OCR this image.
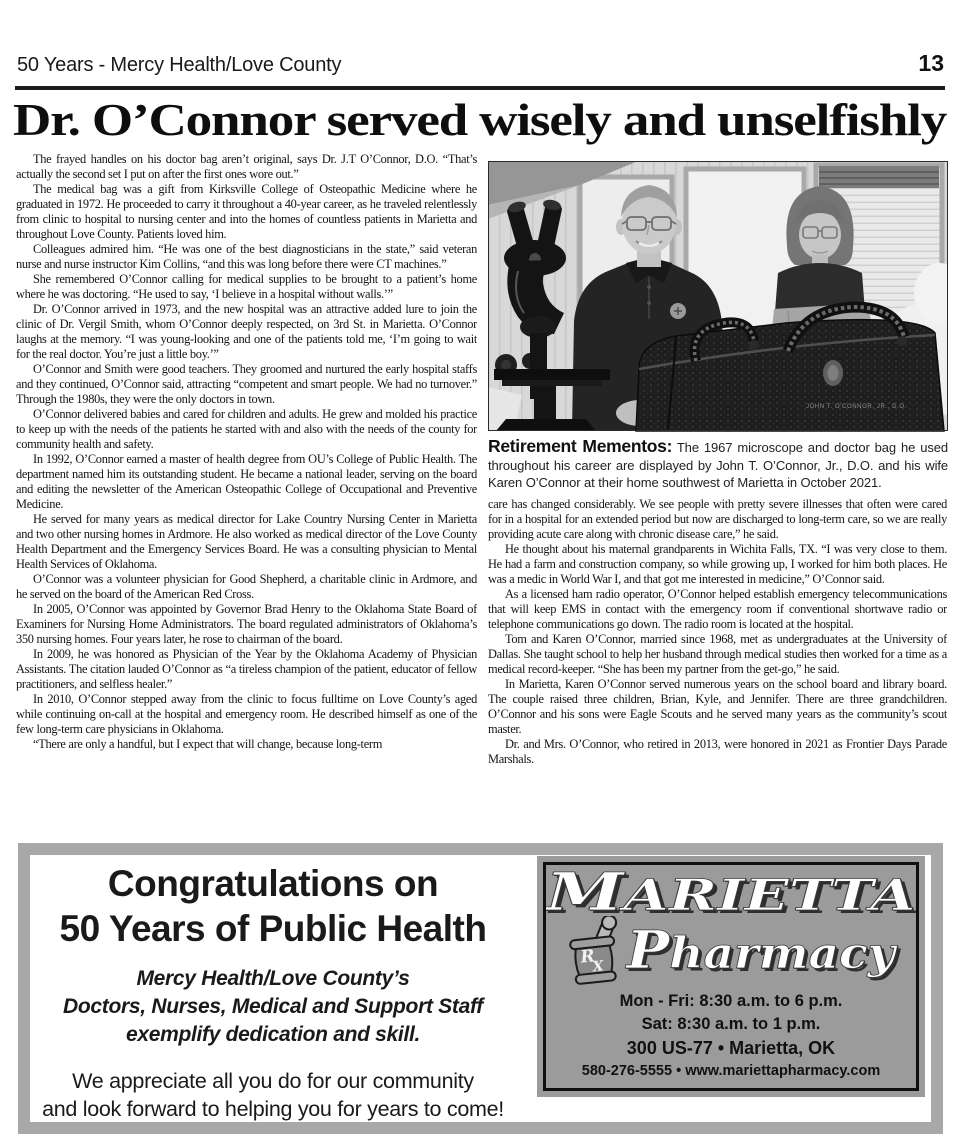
50 Years - Mercy Health/Love County	13
Dr. O’Connor served wisely and unselfishly

The frayed handles on his doctor bag aren’t original, says Dr. J.T O’Connor, D.O. “That’s actually the second set I put on after the first ones wore out.”

The medical bag was a gift from Kirksville College of Osteopathic Medicine where he graduated in 1972. He proceeded to carry it throughout a 40-year career, as he traveled relentlessly from clinic to hospital to nursing center and into the homes of countless patients in Marietta and throughout Love County. Patients loved him.

Colleagues admired him. “He was one of the best diagnosticians in the state,” said veteran nurse and nurse instructor Kim Collins, “and this was long before there were CT machines.”

She remembered O’Connor calling for medical supplies to be brought to a patient’s home where he was doctoring. “He used to say, ‘I believe in a hospital without walls.’”

Dr. O’Connor arrived in 1973, and the new hospital was an attractive added lure to join the clinic of Dr. Vergil Smith, whom O’Connor deeply respected, on 3rd St. in Marietta. O’Connor laughs at the memory. “I was young-looking and one of the patients told me, ‘I’m going to wait for the real doctor. You’re just a little boy.’”

O’Connor and Smith were good teachers. They groomed and nurtured the early hospital staffs and they continued, O’Connor said, attracting “competent and smart people. We had no turnover.” Through the 1980s, they were the only doctors in town.

O’Connor delivered babies and cared for children and adults. He grew and molded his practice to keep up with the needs of the patients he started with and also with the needs of the county for community health and safety.

In 1992, O’Connor earned a master of health degree from OU’s College of Public Health. The department named him its outstanding student. He became a national leader, serving on the board and editing the newsletter of the American Osteopathic College of Occupational and Preventive Medicine.

He served for many years as medical director for Lake Country Nursing Center in Marietta and two other nursing homes in Ardmore. He also worked as medical director of the Love County Health Department and the Emergency Services Board. He was a consulting physician to Mental Health Services of Oklahoma.

O’Connor was a volunteer physician for Good Shepherd, a charitable clinic in Ardmore, and he served on the board of the American Red Cross.

In 2005, O’Connor was appointed by Governor Brad Henry to the Oklahoma State Board of Examiners for Nursing Home Administrators. The board regulated administrators of Oklahoma’s 350 nursing homes. Four years later, he rose to chairman of the board.

In 2009, he was honored as Physician of the Year by the Oklahoma Academy of Physician Assistants. The citation lauded O’Connor as “a tireless champion of the patient, educator of fellow practitioners, and selfless healer.”

In 2010, O’Connor stepped away from the clinic to focus fulltime on Love County’s aged while continuing on-call at the hospital and emergency room. He described himself as one of the few long-term care physicians in Oklahoma.

“There are only a handful, but I expect that will change, because long-term

JOHN T. O'CONNOR, JR., D.O.

Retirement Mementos: The 1967 microscope and doctor bag he used throughout his career are displayed by John T. O’Connor, Jr., D.O. and his wife Karen O’Connor at their home southwest of Marietta in October 2021.

care has changed considerably. We see people with pretty severe illnesses that often were cared for in a hospital for an extended period but now are discharged to long-term care, so we are really providing acute care along with chronic disease care,” he said.

He thought about his maternal grandparents in Wichita Falls, TX. “I was very close to them. He had a farm and construction company, so while growing up, I worked for him both places. He was a medic in World War I, and that got me interested in medicine,” O’Connor said.

As a licensed ham radio operator, O’Connor helped establish emergency telecommunications that will keep EMS in contact with the emergency room if conventional shortwave radio or telephone communications go down. The radio room is located at the hospital.

Tom and Karen O’Connor, married since 1968, met as undergraduates at the University of Dallas. She taught school to help her husband through medical studies then worked for a time as a medical record-keeper. “She has been my partner from the get-go,” he said.

In Marietta, Karen O’Connor served numerous years on the school board and library board. The couple raised three children, Brian, Kyle, and Jennifer. There are three grandchildren. O’Connor and his sons were Eagle Scouts and he served many years as the community’s scout master.

Dr. and Mrs. O’Connor, who retired in 2013, were honored in 2021 as Frontier Days Parade Marshals.

Congratulations on
50 Years of Public Health
Mercy Health/Love County’s
Doctors, Nurses, Medical and Support Staff
exemplify dedication and skill.
We appreciate all you do for our community
and look forward to helping you for years to come!
MARIETTA
R
X Pharmacy
Mon - Fri: 8:30 a.m. to 6 p.m.
Sat: 8:30 a.m. to 1 p.m.
300 US-77 • Marietta, OK
580-276-5555 • www.mariettapharmacy.com
